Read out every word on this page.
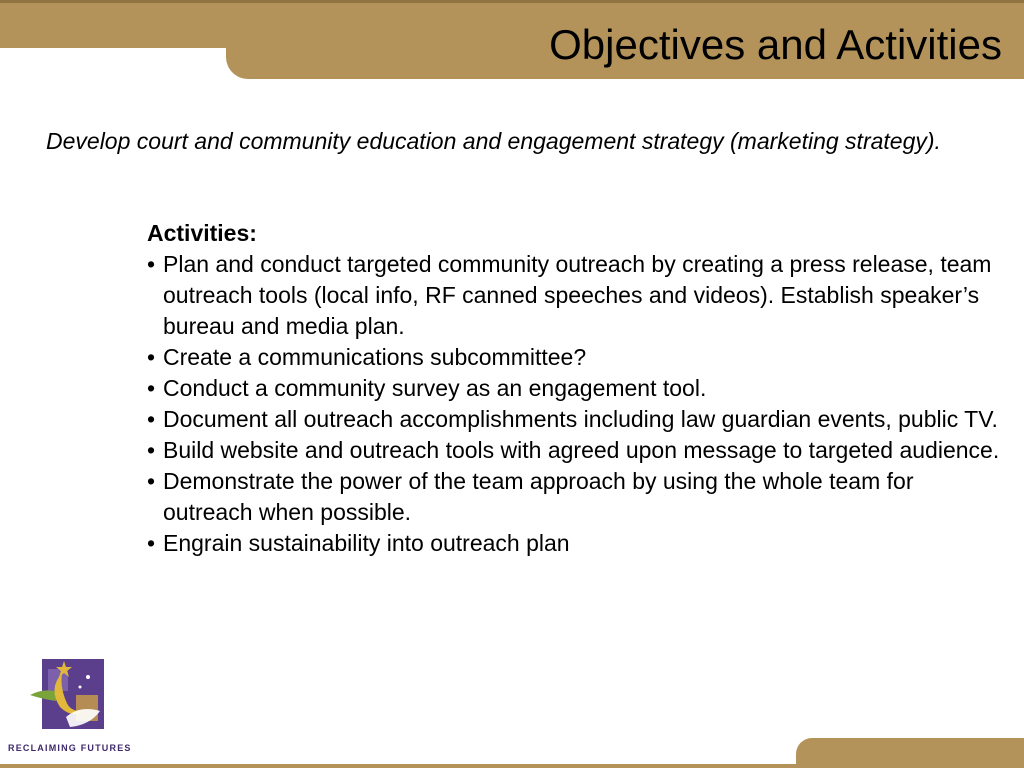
Objectives and Activities

Develop court and community education and engagement strategy (marketing strategy).

Activities:

• Plan and conduct targeted community outreach by creating a press release, team outreach tools (local info, RF canned speeches and videos). Establish speaker’s bureau and media plan.
• Create a communications subcommittee?
• Conduct a community survey as an engagement tool.
• Document all outreach accomplishments including law guardian events, public TV.
• Build website and outreach tools with agreed upon message to targeted audience.
• Demonstrate the power of the team approach by using the whole team for outreach when possible.
• Engrain sustainability into outreach plan

RECLAIMING FUTURES
